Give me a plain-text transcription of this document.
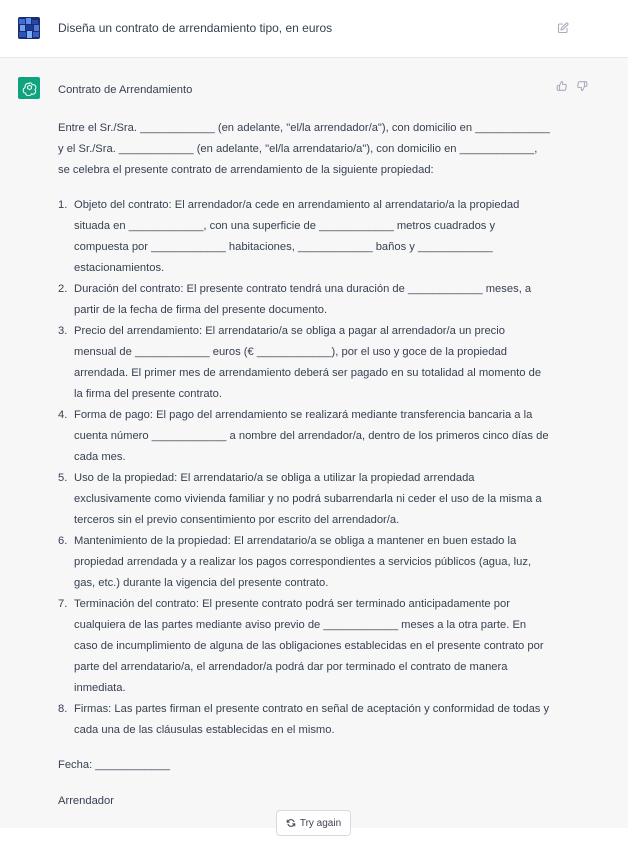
Diseña un contrato de arrendamiento tipo, en euros

Contrato de Arrendamiento

Entre el Sr./Sra. ____________ (en adelante, "el/la arrendador/a"), con domicilio en ____________ y el Sr./Sra. ____________ (en adelante, "el/la arrendatario/a"), con domicilio en ____________, se celebra el presente contrato de arrendamiento de la siguiente propiedad:

1. Objeto del contrato: El arrendador/a cede en arrendamiento al arrendatario/a la propiedad situada en ____________, con una superficie de ____________ metros cuadrados y compuesta por ____________ habitaciones, ____________ baños y ____________ estacionamientos.
2. Duración del contrato: El presente contrato tendrá una duración de ____________ meses, a partir de la fecha de firma del presente documento.
3. Precio del arrendamiento: El arrendatario/a se obliga a pagar al arrendador/a un precio mensual de ____________ euros (€ ____________), por el uso y goce de la propiedad arrendada. El primer mes de arrendamiento deberá ser pagado en su totalidad al momento de la firma del presente contrato.
4. Forma de pago: El pago del arrendamiento se realizará mediante transferencia bancaria a la cuenta número ____________ a nombre del arrendador/a, dentro de los primeros cinco días de cada mes.
5. Uso de la propiedad: El arrendatario/a se obliga a utilizar la propiedad arrendada exclusivamente como vivienda familiar y no podrá subarrendarla ni ceder el uso de la misma a terceros sin el previo consentimiento por escrito del arrendador/a.
6. Mantenimiento de la propiedad: El arrendatario/a se obliga a mantener en buen estado la propiedad arrendada y a realizar los pagos correspondientes a servicios públicos (agua, luz, gas, etc.) durante la vigencia del presente contrato.
7. Terminación del contrato: El presente contrato podrá ser terminado anticipadamente por cualquiera de las partes mediante aviso previo de ____________ meses a la otra parte. En caso de incumplimiento de alguna de las obligaciones establecidas en el presente contrato por parte del arrendatario/a, el arrendador/a podrá dar por terminado el contrato de manera inmediata.
8. Firmas: Las partes firman el presente contrato en señal de aceptación y conformidad de todas y cada una de las cláusulas establecidas en el mismo.

Fecha: ____________

Arrendador

Try again
